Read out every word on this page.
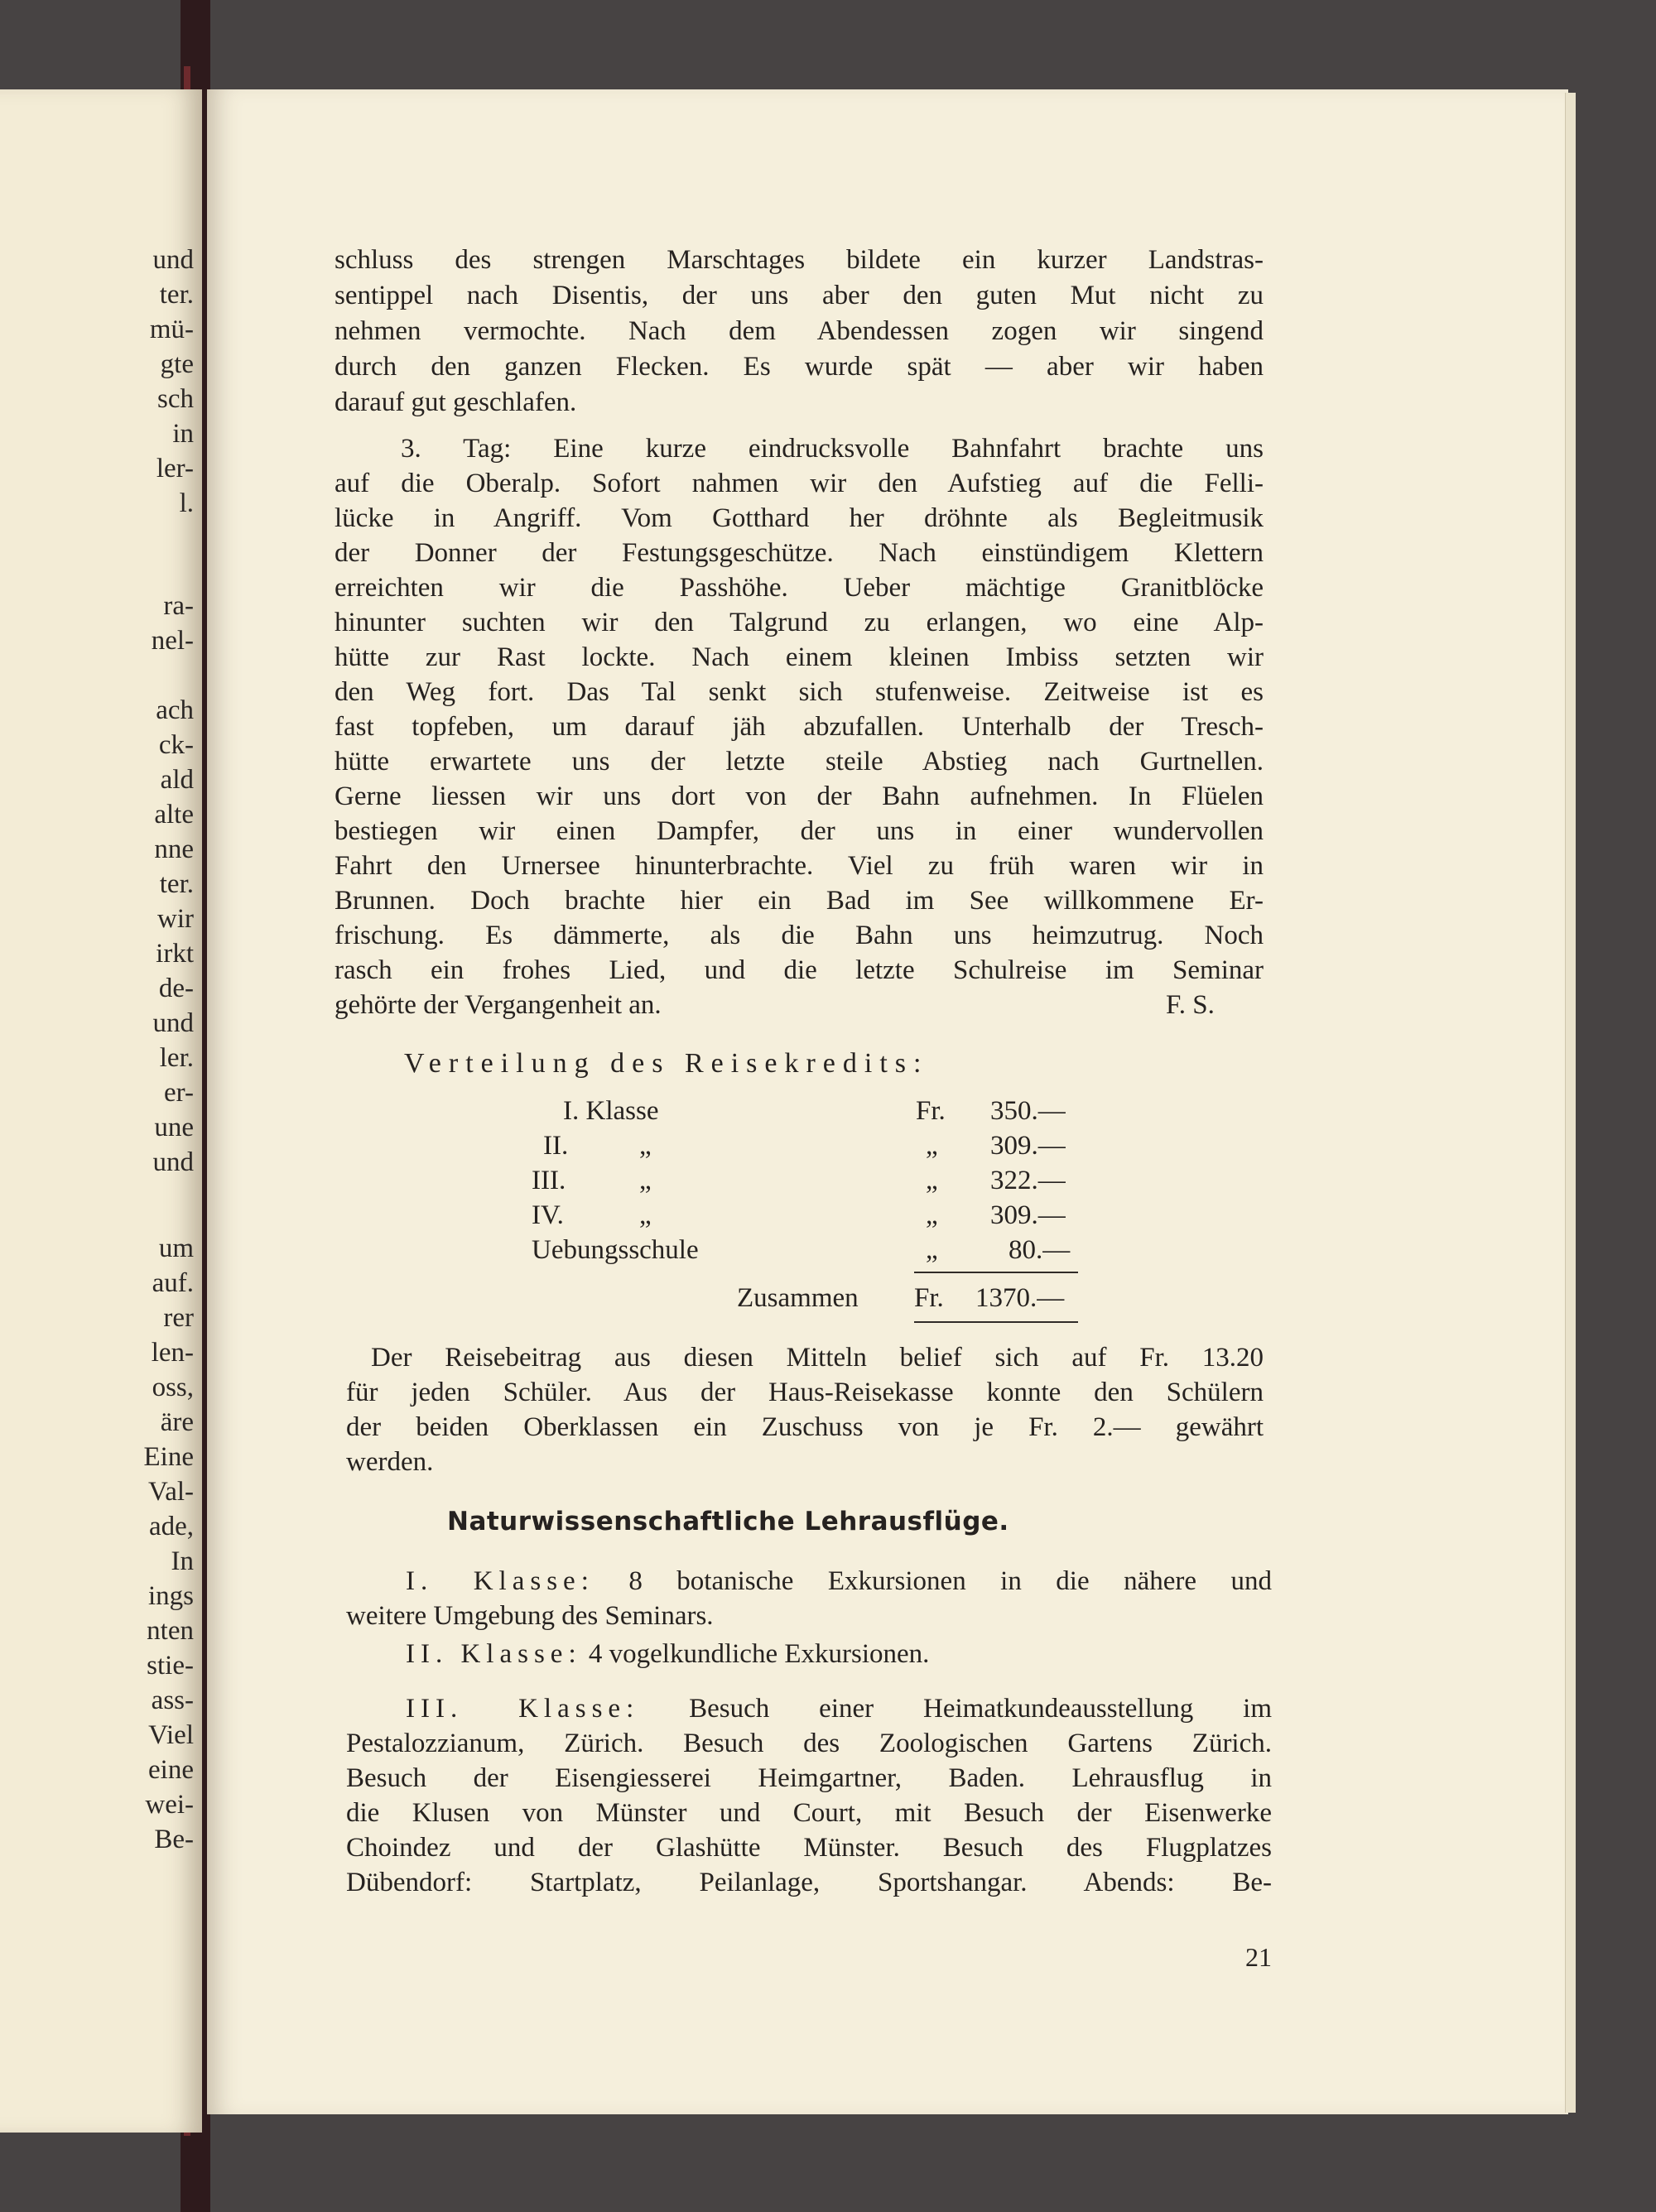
und
ter.
mü-
gte
sch
in
ler-
l.
ra-
nel-
ach
ck-
ald
alte
nne
ter.
wir
irkt
de-
und
ler.
er-
une
und
um
auf.
rer
len-
oss,
äre
Eine
Val-
ade,
In
ings
nten
stie-
ass-
Viel
eine
wei-
Be-
schluss des strengen Marschtages bildete ein kurzer Landstras-
sentippel nach Disentis, der uns aber den guten Mut nicht zu
nehmen vermochte. Nach dem Abendessen zogen wir singend
durch den ganzen Flecken. Es wurde spät — aber wir haben
darauf gut geschlafen.
3. Tag: Eine kurze eindrucksvolle Bahnfahrt brachte uns
auf die Oberalp. Sofort nahmen wir den Aufstieg auf die Felli-
lücke in Angriff. Vom Gotthard her dröhnte als Begleitmusik
der Donner der Festungsgeschütze. Nach einstündigem Klettern
erreichten wir die Passhöhe. Ueber mächtige Granitblöcke
hinunter suchten wir den Talgrund zu erlangen, wo eine Alp-
hütte zur Rast lockte. Nach einem kleinen Imbiss setzten wir
den Weg fort. Das Tal senkt sich stufenweise. Zeitweise ist es
fast topfeben, um darauf jäh abzufallen. Unterhalb der Tresch-
hütte erwartete uns der letzte steile Abstieg nach Gurtnellen.
Gerne liessen wir uns dort von der Bahn aufnehmen. In Flüelen
bestiegen wir einen Dampfer, der uns in einer wundervollen
Fahrt den Urnersee hinunterbrachte. Viel zu früh waren wir in
Brunnen. Doch brachte hier ein Bad im See willkommene Er-
frischung. Es dämmerte, als die Bahn uns heimzutrug. Noch
rasch ein frohes Lied, und die letzte Schulreise im Seminar
gehörte der Vergangenheit an.	F. S.
Verteilung des Reisekredits:
I. Klasse	Fr. 350.—
II.	„	„ 309.—
III.	„	„ 322.—
IV.	„	„ 309.—
Uebungsschule	„	80.—
Zusammen Fr. 1370.—
Der Reisebeitrag aus diesen Mitteln belief sich auf Fr. 13.20
für jeden Schüler. Aus der Haus-Reisekasse konnte den Schülern
der beiden Oberklassen ein Zuschuss von je Fr. 2.— gewährt
werden.
Naturwissenschaftliche Lehrausflüge.
I. Klasse: 8 botanische Exkursionen in die nähere und
weitere Umgebung des Seminars.
II. Klasse: 4 vogelkundliche Exkursionen.
III. Klasse: Besuch einer Heimatkundeausstellung im
Pestalozzianum, Zürich. Besuch des Zoologischen Gartens Zürich.
Besuch der Eisengiesserei Heimgartner, Baden. Lehrausflug in
die Klusen von Münster und Court, mit Besuch der Eisenwerke
Choindez und der Glashütte Münster. Besuch des Flugplatzes
Dübendorf: Startplatz, Peilanlage, Sportshangar. Abends: Be-
21
